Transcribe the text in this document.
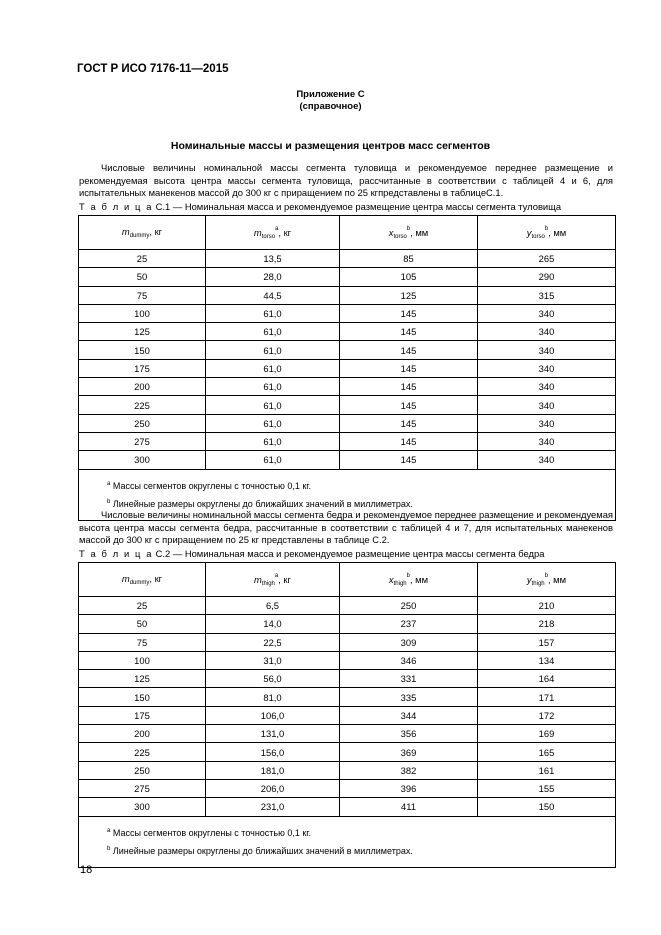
ГОСТ Р ИСО 7176-11—2015
Приложение С
(справочное)
Номинальные массы и размещения центров масс сегментов
Числовые величины номинальной массы сегмента туловища и рекомендуемое переднее размещение и рекомендуемая высота центра массы сегмента туловища, рассчитанные в соответствии с таблицей 4 и 6, для испытательных манекенов массой до 300 кг с приращением по 25 кгпредставлены в таблицеС.1.
Т а б л и ц а С.1 — Номинальная масса и рекомендуемое размещение центра массы сегмента туловища
$m_{dummy}$, кг	$m_{torso}^a$, кг	$x_{torso}^b$, мм	$y_{torso}^b$, мм
25	13,5	85	265
50	28,0	105	290
75	44,5	125	315
100	61,0	145	340
125	61,0	145	340
150	61,0	145	340
175	61,0	145	340
200	61,0	145	340
225	61,0	145	340
250	61,0	145	340
275	61,0	145	340
300	61,0	145	340

$^a$ Массы сегментов округлены с точностью 0,1 кг.
$^b$ Линейные размеры округлены до ближайших значений в миллиметрах.			
Числовые величины номинальной массы сегмента бедра и рекомендуемое переднее размещение и рекомендуемая высота центра массы сегмента бедра, рассчитанные в соответствии с таблицей 4 и 7, для испытательных манекенов массой до 300 кг с приращением по 25 кг представлены в таблице С.2.
Т а б л и ц а С.2 — Номинальная масса и рекомендуемое размещение центра массы сегмента бедра
$m_{dummy}$, кг	$m_{thigh}^a$, кг	$x_{thigh}^b$, мм	$y_{thigh}^b$, мм
25	6,5	250	210
50	14,0	237	218
75	22,5	309	157
100	31,0	346	134
125	56,0	331	164
150	81,0	335	171
175	106,0	344	172
200	131,0	356	169
225	156,0	369	165
250	181,0	382	161
275	206,0	396	155
300	231,0	411	150

$^a$ Массы сегментов округлены с точностью 0,1 кг.
$^b$ Линейные размеры округлены до ближайших значений в миллиметрах.			
18
